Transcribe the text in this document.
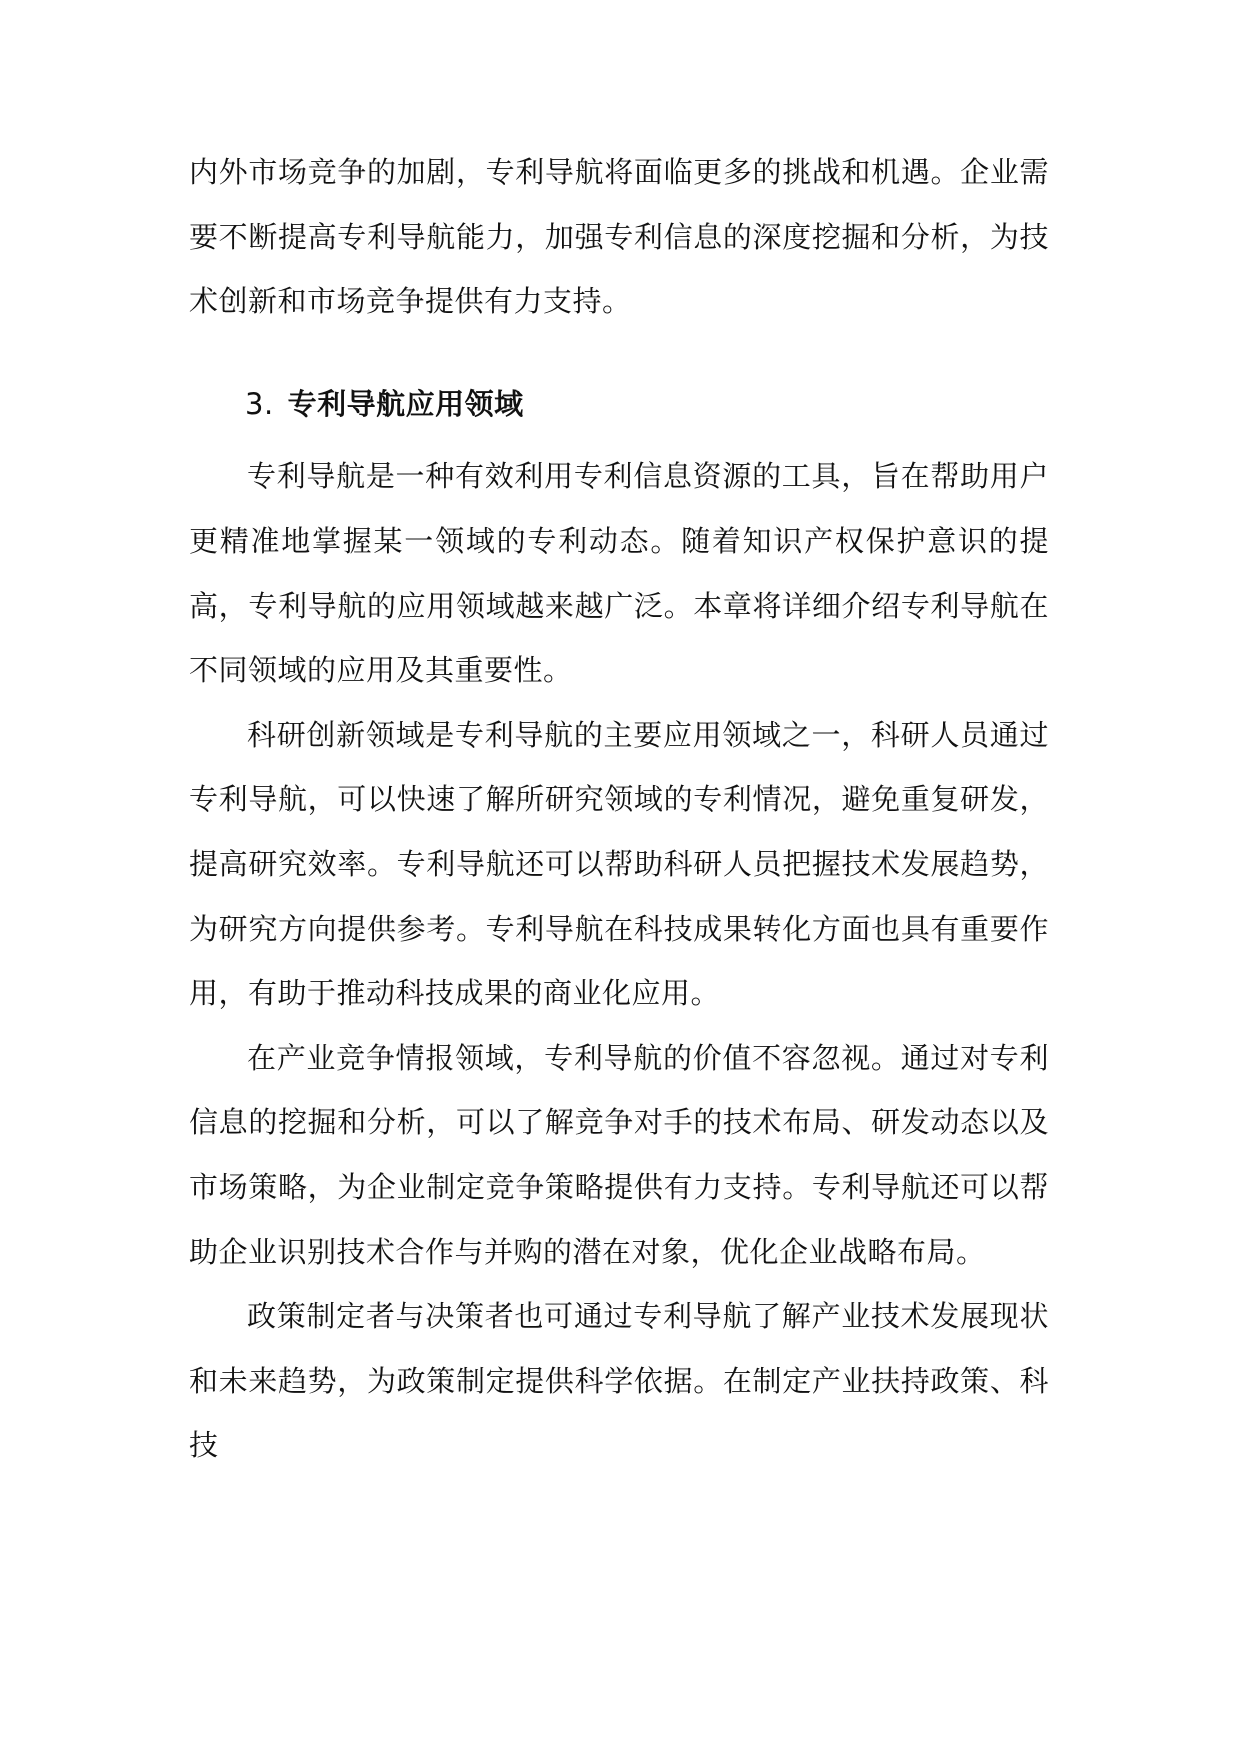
内外市场竞争的加剧，专利导航将面临更多的挑战和机遇。企业需要不断提高专利导航能力，加强专利信息的深度挖掘和分析，为技术创新和市场竞争提供有力支持。

3. 专利导航应用领域

专利导航是一种有效利用专利信息资源的工具，旨在帮助用户更精准地掌握某一领域的专利动态。随着知识产权保护意识的提高，专利导航的应用领域越来越广泛。本章将详细介绍专利导航在不同领域的应用及其重要性。

科研创新领域是专利导航的主要应用领域之一，科研人员通过专利导航，可以快速了解所研究领域的专利情况，避免重复研发，提高研究效率。专利导航还可以帮助科研人员把握技术发展趋势，为研究方向提供参考。专利导航在科技成果转化方面也具有重要作用，有助于推动科技成果的商业化应用。

在产业竞争情报领域，专利导航的价值不容忽视。通过对专利信息的挖掘和分析，可以了解竞争对手的技术布局、研发动态以及市场策略，为企业制定竞争策略提供有力支持。专利导航还可以帮助企业识别技术合作与并购的潜在对象，优化企业战略布局。

政策制定者与决策者也可通过专利导航了解产业技术发展现状和未来趋势，为政策制定提供科学依据。在制定产业扶持政策、科技
